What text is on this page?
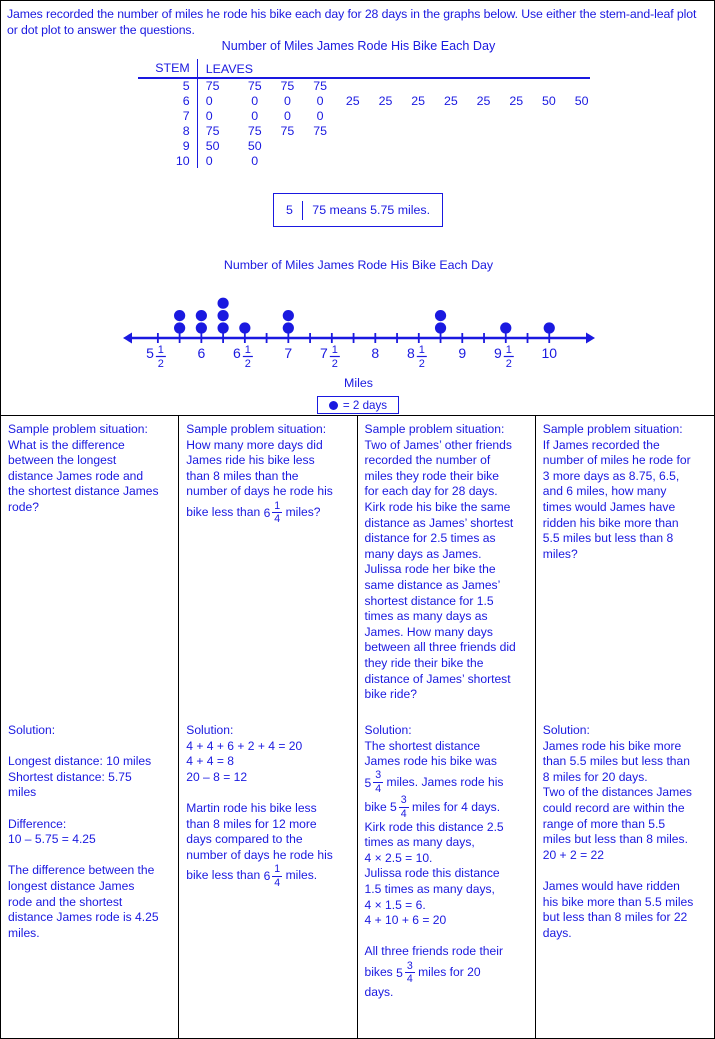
James recorded the number of miles he rode his bike each day for 28 days in the graphs below. Use either the stem-and-leaf plot or dot plot to answer the questions.
Number of Miles James Rode His Bike Each Day
STEM	LEAVES											
5	75	75	75	75								
6	0	0	0	0	25	25	25	25	25	25	50	50
7	0	0	0	0								
8	75	75	75	75								
9	50	50										
10	0	0										
5	75 means 5.75 miles.
Number of Miles James Rode His Bike Each Day
5 1
2
6 6 1
2
7 7 1
2
8 8 1
2
9 9 1
2
10
Miles
= 2 days
Sample problem situation:
What is the difference
between the longest
distance James rode and
the shortest distance James
rode?
Solution:
Longest distance: 10 miles
Shortest distance: 5.75
miles
Difference:
10 – 5.75 = 4.25
The difference between the
longest distance James
rode and the shortest
distance James rode is 4.25
miles.
Sample problem situation:
How many more days did
James ride his bike less
than 8 miles than the
number of days he rode his
bike less than $6 \frac{1}{4}$ miles?
Solution:
4 + 4 + 6 + 2 + 4 = 20
4 + 4 = 8
20 – 8 = 12
Martin rode his bike less
than 8 miles for 12 more
days compared to the
number of days he rode his
bike less than $6 \frac{1}{4}$ miles.
Sample problem situation:
Two of James’ other friends
recorded the number of
miles they rode their bike
for each day for 28 days.
Kirk rode his bike the same
distance as James’ shortest
distance for 2.5 times as
many days as James.
Julissa rode her bike the
same distance as James’
shortest distance for 1.5
times as many days as
James. How many days
between all three friends did
they ride their bike the
distance of James’ shortest
bike ride?
Solution:
The shortest distance
James rode his bike was
$5 \frac{3}{4}$ miles. James rode his
bike $5 \frac{3}{4}$ miles for 4 days.
Kirk rode this distance 2.5
times as many days,
4 × 2.5 = 10.
Julissa rode this distance
1.5 times as many days,
4 × 1.5 = 6.
4 + 10 + 6 = 20
All three friends rode their
bikes $5 \frac{3}{4}$ miles for 20
days.
Sample problem situation:
If James recorded the
number of miles he rode for
3 more days as 8.75, 6.5,
and 6 miles, how many
times would James have
ridden his bike more than
5.5 miles but less than 8
miles?
Solution:
James rode his bike more
than 5.5 miles but less than
8 miles for 20 days.
Two of the distances James
could record are within the
range of more than 5.5
miles but less than 8 miles.
20 + 2 = 22
James would have ridden
his bike more than 5.5 miles
but less than 8 miles for 22
days.
